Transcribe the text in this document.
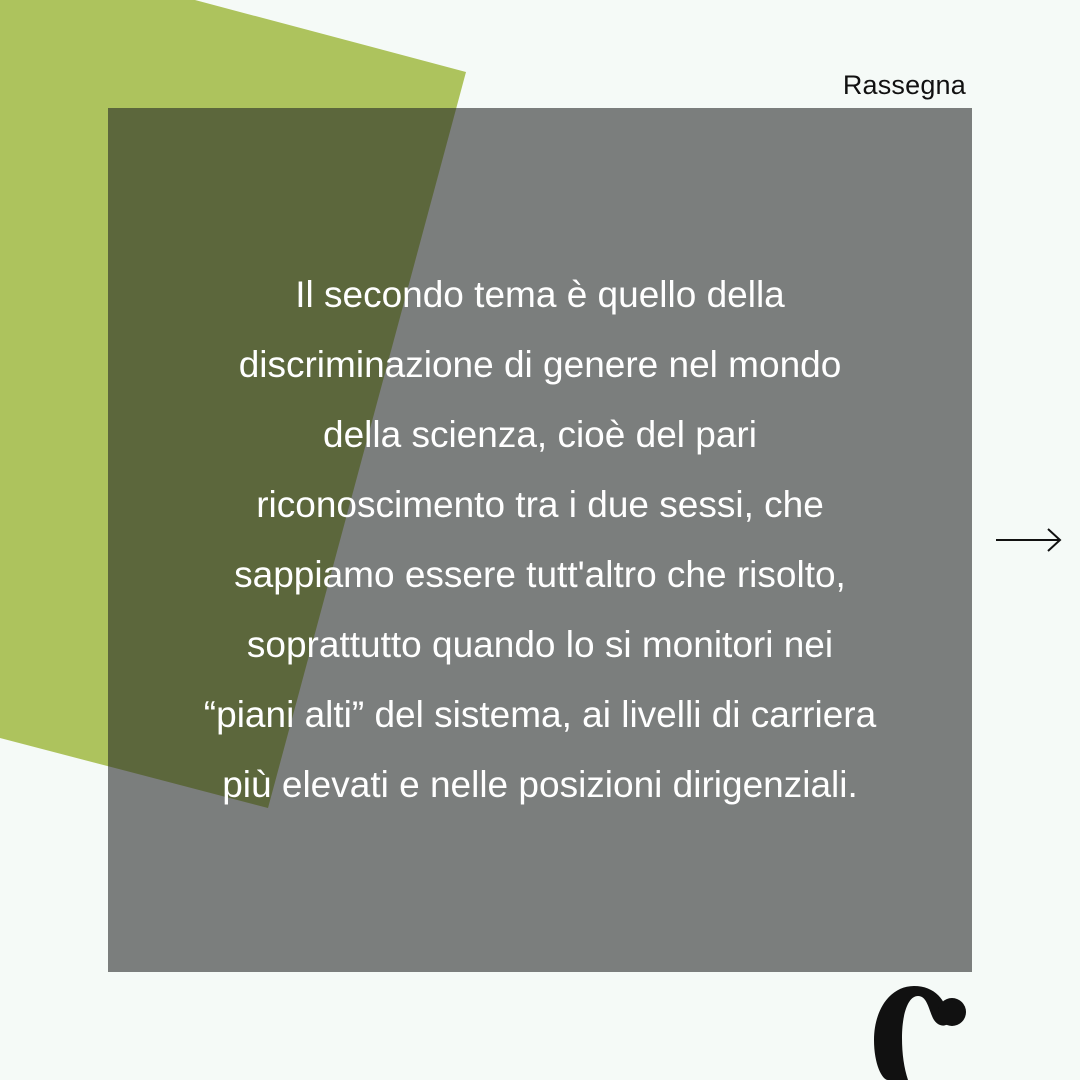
Rassegna
Il secondo tema è quello della
discriminazione di genere nel mondo
della scienza, cioè del pari
riconoscimento tra i due sessi, che
sappiamo essere tutt'altro che risolto,
soprattutto quando lo si monitori nei
“piani alti” del sistema, ai livelli di carriera
più elevati e nelle posizioni dirigenziali.
